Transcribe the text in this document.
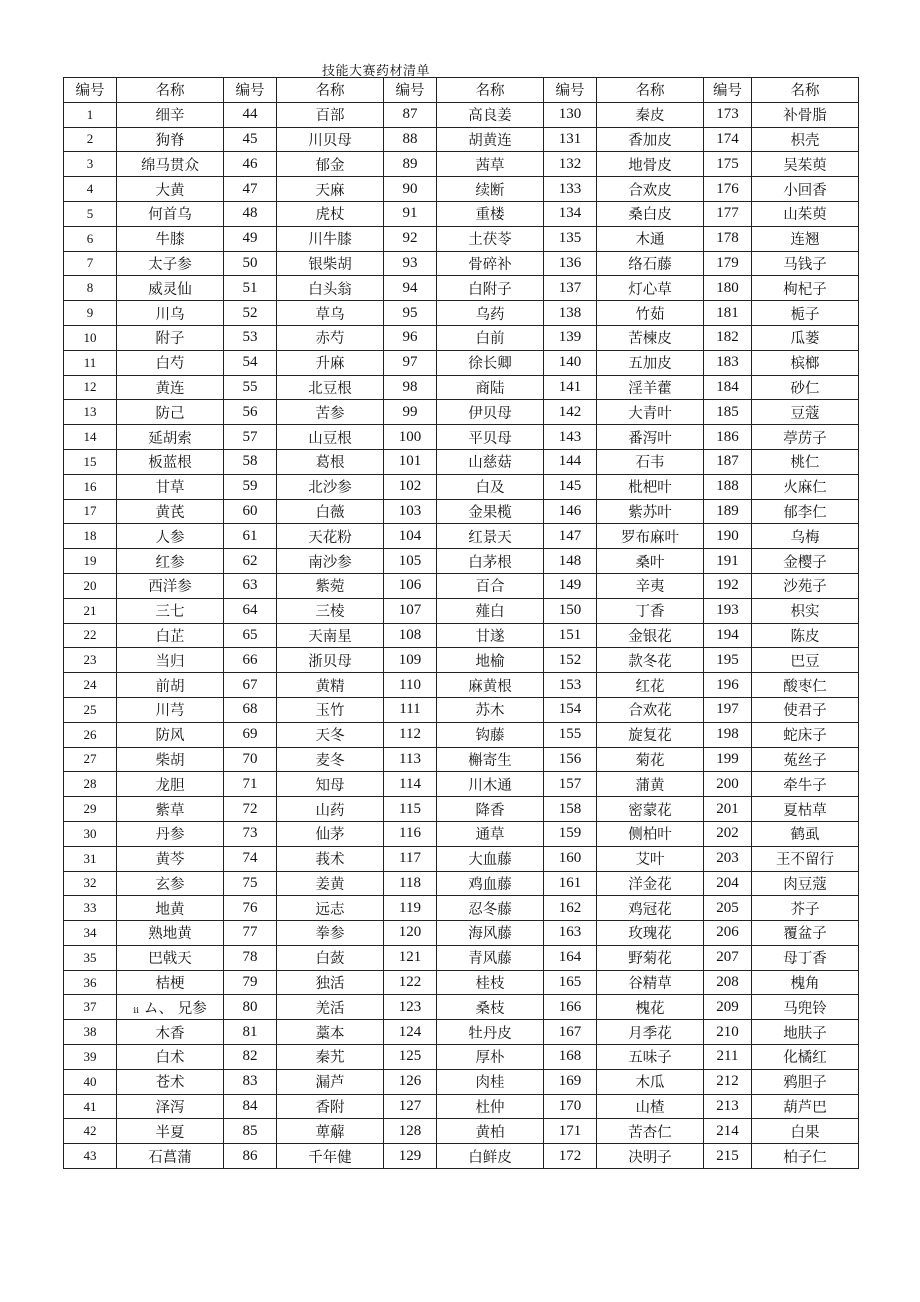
技能大赛药材清单
编号	名称	编号	名称	编号	名称	编号	名称	编号	名称
1	细辛	44	百部	87	高良姜	130	秦皮	173	补骨脂
2	狗脊	45	川贝母	88	胡黄连	131	香加皮	174	枳壳
3	绵马贯众	46	郁金	89	茜草	132	地骨皮	175	吴茱萸
4	大黄	47	天麻	90	续断	133	合欢皮	176	小回香
5	何首乌	48	虎杖	91	重楼	134	桑白皮	177	山茱萸
6	牛膝	49	川牛膝	92	土茯苓	135	木通	178	连翘
7	太子参	50	银柴胡	93	骨碎补	136	络石藤	179	马钱子
8	威灵仙	51	白头翁	94	白附子	137	灯心草	180	枸杞子
9	川乌	52	草乌	95	乌药	138	竹茹	181	栀子
10	附子	53	赤芍	96	白前	139	苦楝皮	182	瓜蒌
11	白芍	54	升麻	97	徐长卿	140	五加皮	183	槟榔
12	黄连	55	北豆根	98	商陆	141	淫羊藿	184	砂仁
13	防己	56	苦参	99	伊贝母	142	大青叶	185	豆蔻
14	延胡索	57	山豆根	100	平贝母	143	番泻叶	186	葶苈子
15	板蓝根	58	葛根	101	山慈菇	144	石韦	187	桃仁
16	甘草	59	北沙参	102	白及	145	枇杷叶	188	火麻仁
17	黄芪	60	白薇	103	金果榄	146	紫苏叶	189	郁李仁
18	人参	61	天花粉	104	红景天	147	罗布麻叶	190	乌梅
19	红参	62	南沙参	105	白茅根	148	桑叶	191	金樱子
20	西洋参	63	紫菀	106	百合	149	辛夷	192	沙苑子
21	三七	64	三棱	107	薤白	150	丁香	193	枳实
22	白芷	65	天南星	108	甘遂	151	金银花	194	陈皮
23	当归	66	浙贝母	109	地榆	152	款冬花	195	巴豆
24	前胡	67	黄精	110	麻黄根	153	红花	196	酸枣仁
25	川芎	68	玉竹	111	苏木	154	合欢花	197	使君子
26	防风	69	天冬	112	钩藤	155	旋复花	198	蛇床子
27	柴胡	70	麦冬	113	槲寄生	156	菊花	199	菟丝子
28	龙胆	71	知母	114	川木通	157	蒲黄	200	牵牛子
29	紫草	72	山药	115	降香	158	密蒙花	201	夏枯草
30	丹参	73	仙茅	116	通草	159	侧柏叶	202	鹤虱
31	黄芩	74	莪术	117	大血藤	160	艾叶	203	王不留行
32	玄参	75	姜黄	118	鸡血藤	161	洋金花	204	肉豆蔻
33	地黄	76	远志	119	忍冬藤	162	鸡冠花	205	芥子
34	熟地黄	77	拳参	120	海风藤	163	玫瑰花	206	覆盆子
35	巴戟天	78	白蔹	121	青风藤	164	野菊花	207	母丁香
36	桔梗	79	独活	122	桂枝	165	谷精草	208	槐角
37	ᵢᵢ ム、 兄参	80	羌活	123	桑枝	166	槐花	209	马兜铃
38	木香	81	藁本	124	牡丹皮	167	月季花	210	地肤子
39	白术	82	秦艽	125	厚朴	168	五味子	211	化橘红
40	苍术	83	漏芦	126	肉桂	169	木瓜	212	鸦胆子
41	泽泻	84	香附	127	杜仲	170	山楂	213	葫芦巴
42	半夏	85	萆薢	128	黄柏	171	苦杏仁	214	白果
43	石菖蒲	86	千年健	129	白鲜皮	172	决明子	215	柏子仁
